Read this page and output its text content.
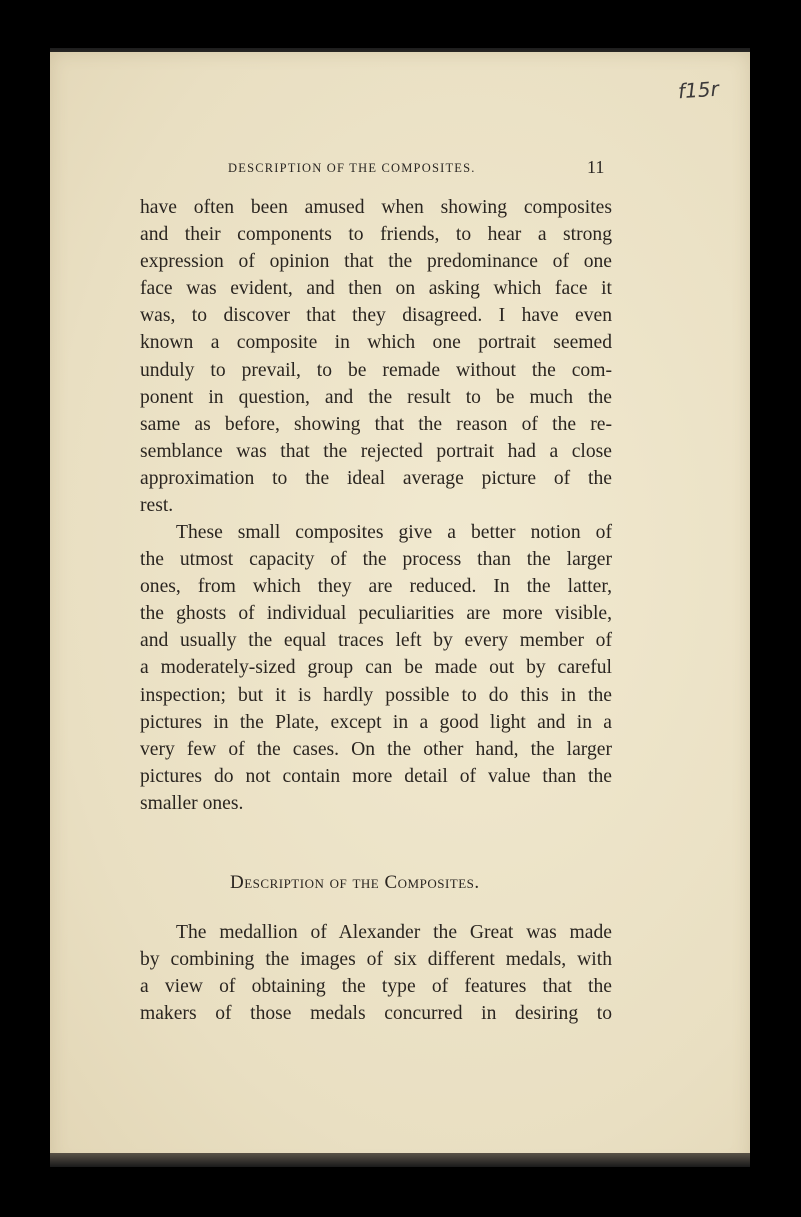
f15r
DESCRIPTION OF THE COMPOSITES.	11
have often been amused when showing composites
and their components to friends, to hear a strong
expression of opinion that the predominance of one
face was evident, and then on asking which face it
was, to discover that they disagreed. I have even
known a composite in which one portrait seemed
unduly to prevail, to be remade without the com-
ponent in question, and the result to be much the
same as before, showing that the reason of the re-
semblance was that the rejected portrait had a close
approximation to the ideal average picture of the
rest.
These small composites give a better notion of
the utmost capacity of the process than the larger
ones, from which they are reduced. In the latter,
the ghosts of individual peculiarities are more visible,
and usually the equal traces left by every member of
a moderately-sized group can be made out by careful
inspection; but it is hardly possible to do this in the
pictures in the Plate, except in a good light and in a
very few of the cases. On the other hand, the larger
pictures do not contain more detail of value than the
smaller ones.
Description of the Composites.
The medallion of Alexander the Great was made
by combining the images of six different medals, with
a view of obtaining the type of features that the
makers of those medals concurred in desiring to
